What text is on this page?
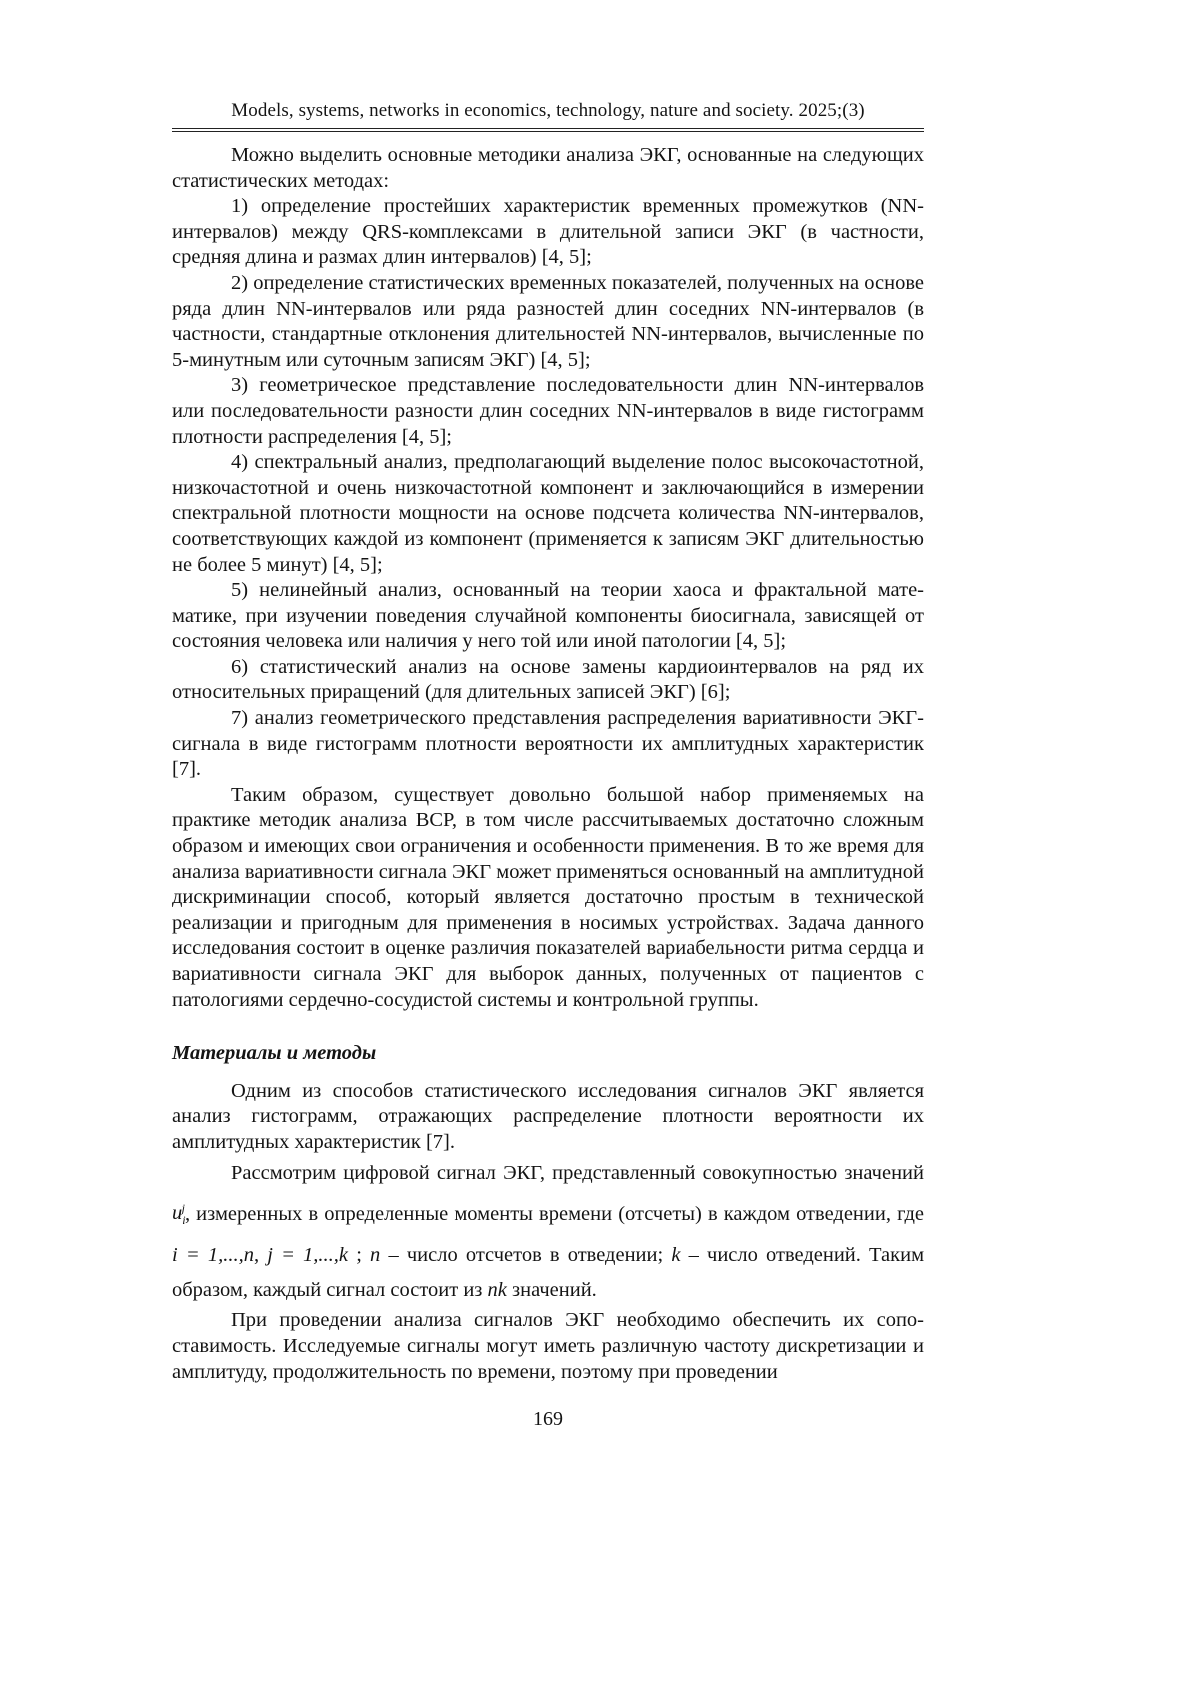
Models, systems, networks in economics, technology, nature and society. 2025;(3)

Можно выделить основные методики анализа ЭКГ, основанные на следующих статистических методах:

1) определение простейших характеристик временных промежутков (NN-интервалов) между QRS-комплексами в длительной записи ЭКГ (в частности, средняя длина и размах длин интервалов) [4, 5];

2) определение статистических временных показателей, полученных на основе ряда длин NN-интервалов или ряда разностей длин соседних NN-интервалов (в частности, стандартные отклонения длительностей NN-интервалов, вычисленные по 5-минутным или суточным записям ЭКГ) [4, 5];

3) геометрическое представление последовательности длин NN-интервалов или последовательности разности длин соседних NN-интервалов в виде гистограмм плотности распределения [4, 5];

4) спектральный анализ, предполагающий выделение полос высокочастотной, низкочастотной и очень низкочастотной компонент и заключающийся в измерении спектральной плотности мощности на основе подсчета количества NN-интервалов, соответствующих каждой из компонент (применяется к записям ЭКГ длительностью не более 5 минут) [4, 5];

5) нелинейный анализ, основанный на теории хаоса и фрактальной математике, при изучении поведения случайной компоненты биосигнала, зависящей от состояния человека или наличия у него той или иной патологии [4, 5];

6) статистический анализ на основе замены кардиоинтервалов на ряд их относительных приращений (для длительных записей ЭКГ) [6];

7) анализ геометрического представления распределения вариативности ЭКГ-сигнала в виде гистограмм плотности вероятности их амплитудных характеристик [7].

Таким образом, существует довольно большой набор применяемых на практике методик анализа ВСР, в том числе рассчитываемых достаточно сложным образом и имеющих свои ограничения и особенности применения. В то же время для анализа вариативности сигнала ЭКГ может применяться основанный на амплитудной дискриминации способ, который является достаточно простым в технической реализации и пригодным для применения в носимых устройствах. Задача данного исследования состоит в оценке различия показателей вариабельности ритма сердца и вариативности сигнала ЭКГ для выборок данных, полученных от пациентов с патологиями сердечно-сосудистой системы и контрольной группы.

Материалы и методы

Одним из способов статистического исследования сигналов ЭКГ является анализ гистограмм, отражающих распределение плотности вероятности их амплитудных характеристик [7].

Рассмотрим цифровой сигнал ЭКГ, представленный совокупностью значений $u_i^j$, измеренных в определенные моменты времени (отсчеты) в каждом отведении, где i = 1,...,n, j = 1,...,k ; n – число отсчетов в отведении; k – число отведений. Таким образом, каждый сигнал состоит из nk значений.

При проведении анализа сигналов ЭКГ необходимо обеспечить их сопоставимость. Исследуемые сигналы могут иметь различную частоту дискретизации и амплитуду, продолжительность по времени, поэтому при проведении

169
